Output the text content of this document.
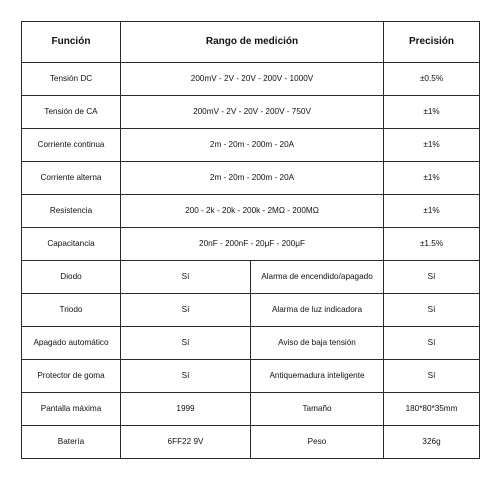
Función	Rango de medición		Precisión
Tensión DC	200mV - 2V - 20V - 200V - 1000V		±0.5%
Tensión de CA	200mV - 2V - 20V - 200V - 750V		±1%
Corriente continua	2m - 20m - 200m - 20A		±1%
Corriente alterna	2m - 20m - 200m - 20A		±1%
Resistencia	200 - 2k - 20k - 200k - 2MΩ - 200MΩ		±1%
Capacitancia	20nF - 200nF - 20μF - 200μF		±1.5%
Diodo	Sí	Alarma de encendido/apagado	Sí
Triodo	Sí	Alarma de luz indicadora	Sí
Apagado automático	Sí	Aviso de baja tensión	Sí
Protector de goma	Sí	Antiquemadura inteligente	Sí
Pantalla máxima	1999	Tamaño	180*80*35mm
Batería	6FF22 9V	Peso	326g
